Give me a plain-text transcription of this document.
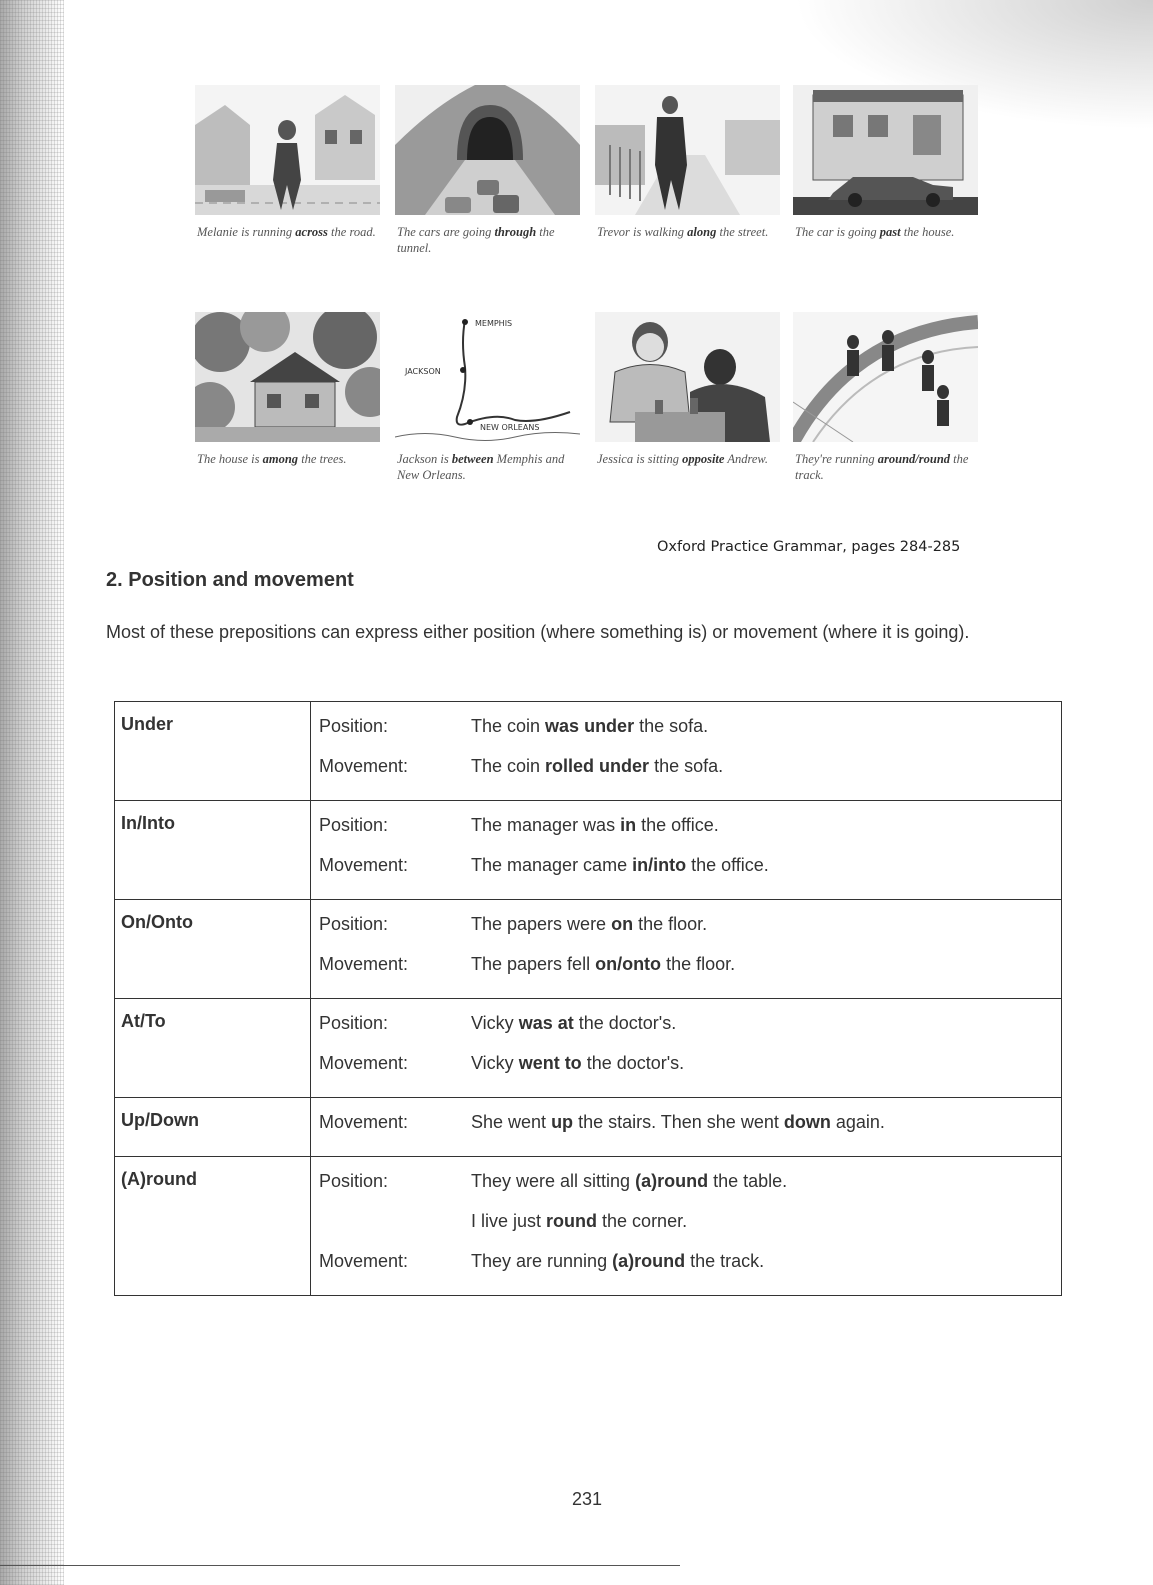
Melanie is running across the road.	The cars are going through the tunnel.
Trevor is walking along the street.	The car is going past the house.
The house is among the trees.
MEMPHIS
JACKSON
NEW ORLEANS
Jackson is between Memphis and New Orleans.
Jessica is sitting opposite Andrew.	They're running around/round the track.
Oxford Practice Grammar, pages 284-285
2. Position and movement
Most of these prepositions can express either position (where something is) or movement (where it is going).
Under	Position: The coin was under the sofa.
Movement: The coin rolled under the sofa.

In/Into	Position: The manager was in the office.
Movement: The manager came in/into the office.

On/Onto	Position: The papers were on the floor.
Movement: The papers fell on/onto the floor.

At/To	Position: Vicky was at the doctor's.
Movement: Vicky went to the doctor's.

Up/Down	Movement: She went up the stairs. Then she went down again.

(A)round	Position: They were all sitting (a)round the table.
I live just round the corner.
Movement: They are running (a)round the track.
231
